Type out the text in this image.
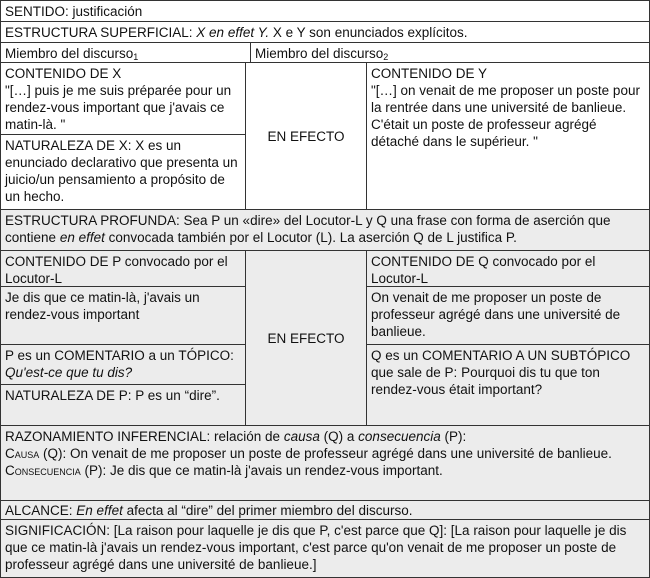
SENTIDO: justificación
ESTRUCTURA SUPERFICIAL: X en effet Y. X e Y son enunciados explícitos.
Miembro del discurso$_1$	Miembro del discurso$_2$

CONTENIDO DE X

"[…] puis je me suis préparée pour un rendez-vous important que j'avais ce matin-là. "

NATURALEZA DE X: X es un enunciado declarativo que presenta un juicio/un pensamiento a propósito de un hecho.

EN EFECTO

CONTENIDO DE Y

"[…] on venait de me proposer un poste pour la rentrée dans une université de banlieue. C'était un poste de professeur agrégé détaché dans le supérieur. "

ESTRUCTURA PROFUNDA: Sea P un «dire» del Locutor-L y Q una frase con forma de aserción que contiene en effet convocada también por el Locutor (L). La aserción Q de L justifica P.

CONTENIDO DE P convocado por el Locutor-L

Je dis que ce matin-là, j'avais un rendez-vous important

P es un COMENTARIO a un TÓPICO: Qu'est-ce que tu dis?

NATURALEZA DE P: P es un “dire”.

EN EFECTO

CONTENIDO DE Q convocado por el Locutor-L

On venait de me proposer un poste de professeur agrégé dans une université de banlieue.

Q es un COMENTARIO A UN SUBTÓPICO que sale de P: Pourquoi dis tu que ton rendez-vous était important?

RAZONAMIENTO INFERENCIAL: relación de causa (Q) a consecuencia (P):

Causa (Q): On venait de me proposer un poste de professeur agrégé dans une université de banlieue.

Consecuencia (P): Je dis que ce matin-là j'avais un rendez-vous important.

ALCANCE: En effet afecta al “dire” del primer miembro del discurso.

SIGNIFICACIÓN: [La raison pour laquelle je dis que P, c'est parce que Q]: [La raison pour laquelle je dis que ce matin-là j'avais un rendez-vous important, c'est parce qu'on venait de me proposer un poste de professeur agrégé dans une université de banlieue.]
